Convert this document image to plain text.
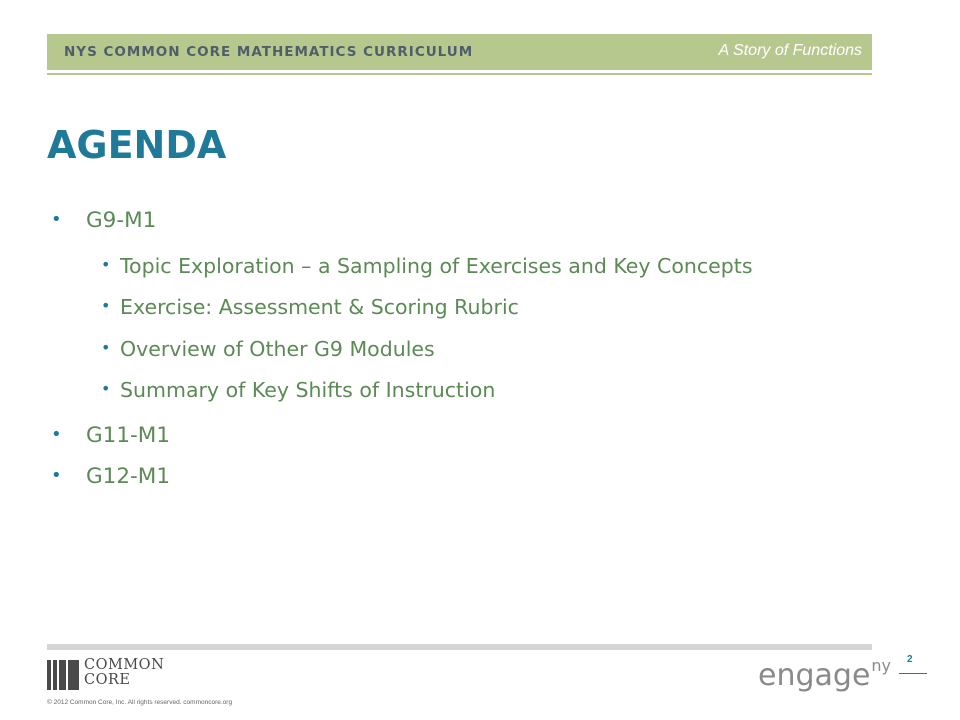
NYS COMMON CORE MATHEMATICS CURRICULUM	A Story of Functions
AGENDA
• G9-M1
• Topic Exploration – a Sampling of Exercises and Key Concepts
• Exercise: Assessment & Scoring Rubric
• Overview of Other G9 Modules
• Summary of Key Shifts of Instruction
• G11-M1
• G12-M1
COMMON
CORE
© 2012 Common Core, Inc. All rights reserved. commoncore.org
engage$^{ny}$ 2
